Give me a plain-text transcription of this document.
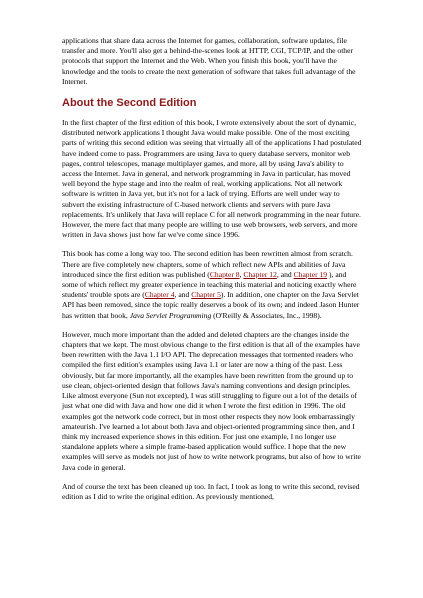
applications that share data across the Internet for games, collaboration, software updates, file transfer and more. You'll also get a behind-the-scenes look at HTTP, CGI, TCP/IP, and the other protocols that support the Internet and the Web. When you finish this book, you'll have the knowledge and the tools to create the next generation of software that takes full advantage of the Internet.

About the Second Edition

In the first chapter of the first edition of this book, I wrote extensively about the sort of dynamic, distributed network applications I thought Java would make possible. One of the most exciting parts of writing this second edition was seeing that virtually all of the applications I had postulated have indeed come to pass. Programmers are using Java to query database servers, monitor web pages, control telescopes, manage multiplayer games, and more, all by using Java's ability to access the Internet. Java in general, and network programming in Java in particular, has moved well beyond the hype stage and into the realm of real, working applications. Not all network software is written in Java yet, but it's not for a lack of trying. Efforts are well under way to subvert the existing infrastructure of C-based network clients and servers with pure Java replacements. It's unlikely that Java will replace C for all network programming in the near future. However, the mere fact that many people are willing to use web browsers, web servers, and more written in Java shows just how far we've come since 1996.

This book has come a long way too. The second edition has been rewritten almost from scratch. There are five completely new chapters, some of which reflect new APIs and abilities of Java introduced since the first edition was published (Chapter 8, Chapter 12, and Chapter 19 ), and some of which reflect my greater experience in teaching this material and noticing exactly where students' trouble spots are (Chapter 4, and Chapter 5). In addition, one chapter on the Java Servlet API has been removed, since the topic really deserves a book of its own; and indeed Jason Hunter has written that book, Java Servlet Programming (O'Reilly & Associates, Inc., 1998).

However, much more important than the added and deleted chapters are the changes inside the chapters that we kept. The most obvious change to the first edition is that all of the examples have been rewritten with the Java 1.1 I/O API. The deprecation messages that tormented readers who compiled the first edition's examples using Java 1.1 or later are now a thing of the past. Less obviously, but far more importantly, all the examples have been rewritten from the ground up to use clean, object-oriented design that follows Java's naming conventions and design principles. Like almost everyone (Sun not excepted), I was still struggling to figure out a lot of the details of just what one did with Java and how one did it when I wrote the first edition in 1996. The old examples got the network code correct, but in most other respects they now look embarrassingly amateurish. I've learned a lot about both Java and object-oriented programming since then, and I think my increased experience shows in this edition. For just one example, I no longer use standalone applets where a simple frame-based application would suffice. I hope that the new examples will serve as models not just of how to write network programs, but also of how to write Java code in general.

And of course the text has been cleaned up too. In fact, I took as long to write this second, revised edition as I did to write the original edition. As previously mentioned,
